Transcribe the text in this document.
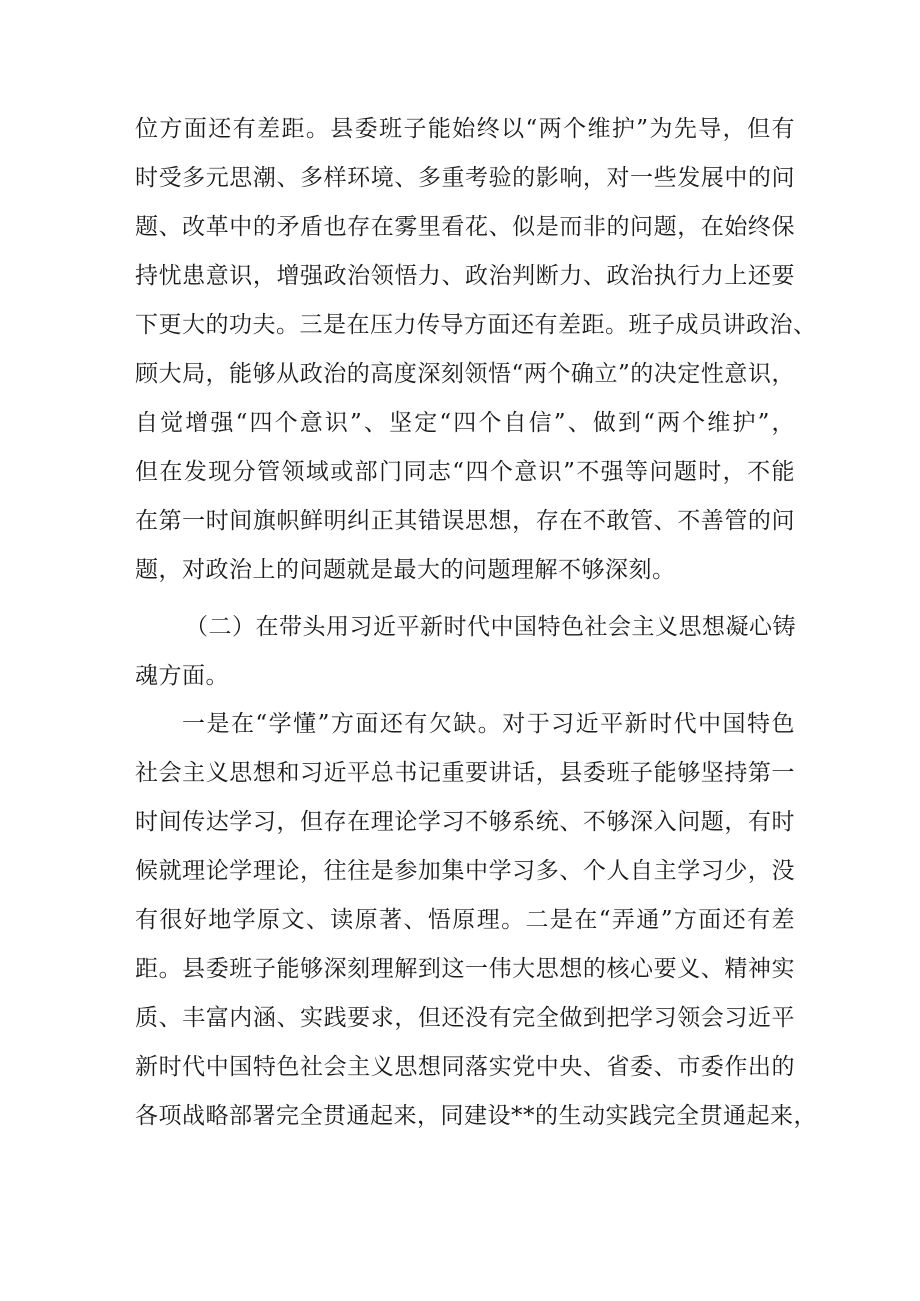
位方面还有差距。县委班子能始终以“两个维护”为先导，但有
时受多元思潮、多样环境、多重考验的影响，对一些发展中的问
题、改革中的矛盾也存在雾里看花、似是而非的问题，在始终保
持忧患意识，增强政治领悟力、政治判断力、政治执行力上还要
下更大的功夫。三是在压力传导方面还有差距。班子成员讲政治、
顾大局，能够从政治的高度深刻领悟“两个确立”的决定性意识，
自觉增强“四个意识”、坚定“四个自信”、做到“两个维护”，
但在发现分管领域或部门同志“四个意识”不强等问题时，不能
在第一时间旗帜鲜明纠正其错误思想，存在不敢管、不善管的问
题，对政治上的问题就是最大的问题理解不够深刻。
（二）在带头用习近平新时代中国特色社会主义思想凝心铸
魂方面。
一是在“学懂”方面还有欠缺。对于习近平新时代中国特色
社会主义思想和习近平总书记重要讲话，县委班子能够坚持第一
时间传达学习，但存在理论学习不够系统、不够深入问题，有时
候就理论学理论，往往是参加集中学习多、个人自主学习少，没
有很好地学原文、读原著、悟原理。二是在“弄通”方面还有差
距。县委班子能够深刻理解到这一伟大思想的核心要义、精神实
质、丰富内涵、实践要求，但还没有完全做到把学习领会习近平
新时代中国特色社会主义思想同落实党中央、省委、市委作出的
各项战略部署完全贯通起来，同建设**的生动实践完全贯通起来，
